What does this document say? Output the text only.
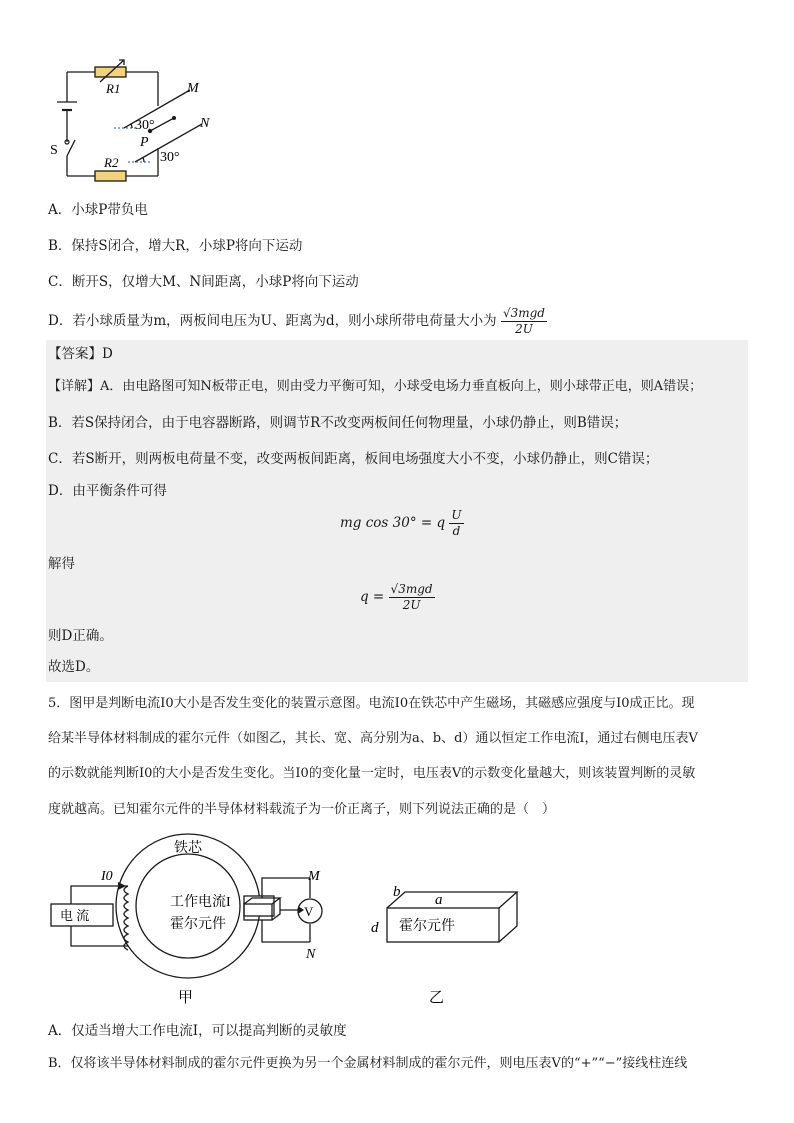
R1
R2
M
N
P
30°
30°
S
A．小球P带负电
B．保持S闭合，增大R，小球P将向下运动
C．断开S，仅增大M、N间距离，小球P将向下运动
D．若小球质量为m，两板间电压为U、距离为d，则小球所带电荷量大小为 $\frac{\text{√3mgd}}{2U}$
【答案】D
【详解】A．由电路图可知N板带正电，则由受力平衡可知，小球受电场力垂直板向上，则小球带正电，则A错误；
B．若S保持闭合，由于电容器断路，则调节R不改变两板间任何物理量，小球仍静止，则B错误；
C．若S断开，则两板电荷量不变，改变两板间距离，板间电场强度大小不变，小球仍静止，则C错误；
D．由平衡条件可得
mg cos 30° = q $\frac{U}{d}$
解得
$q = \frac{\text{√3mgd}}{2U}$
则D正确。
故选D。
5．图甲是判断电流I0大小是否发生变化的装置示意图。电流I0在铁芯中产生磁场，其磁感应强度与I0成正比。现
给某半导体材料制成的霍尔元件（如图乙，其长、宽、高分别为a、b、d）通以恒定工作电流I，通过右侧电压表V
的示数就能判断I0的大小是否发生变化。当I0的变化量一定时，电压表V的示数变化量越大，则该装置判断的灵敏
度就越高。已知霍尔元件的半导体材料载流子为一价正离子，则下列说法正确的是（　）
铁芯
电 流
I0
工作电流I
霍尔元件
M
N
V
甲
a
b
d 霍尔元件
乙
A．仅适当增大工作电流I，可以提高判断的灵敏度
B．仅将该半导体材料制成的霍尔元件更换为另一个金属材料制成的霍尔元件，则电压表V的“+”“−”接线柱连线
